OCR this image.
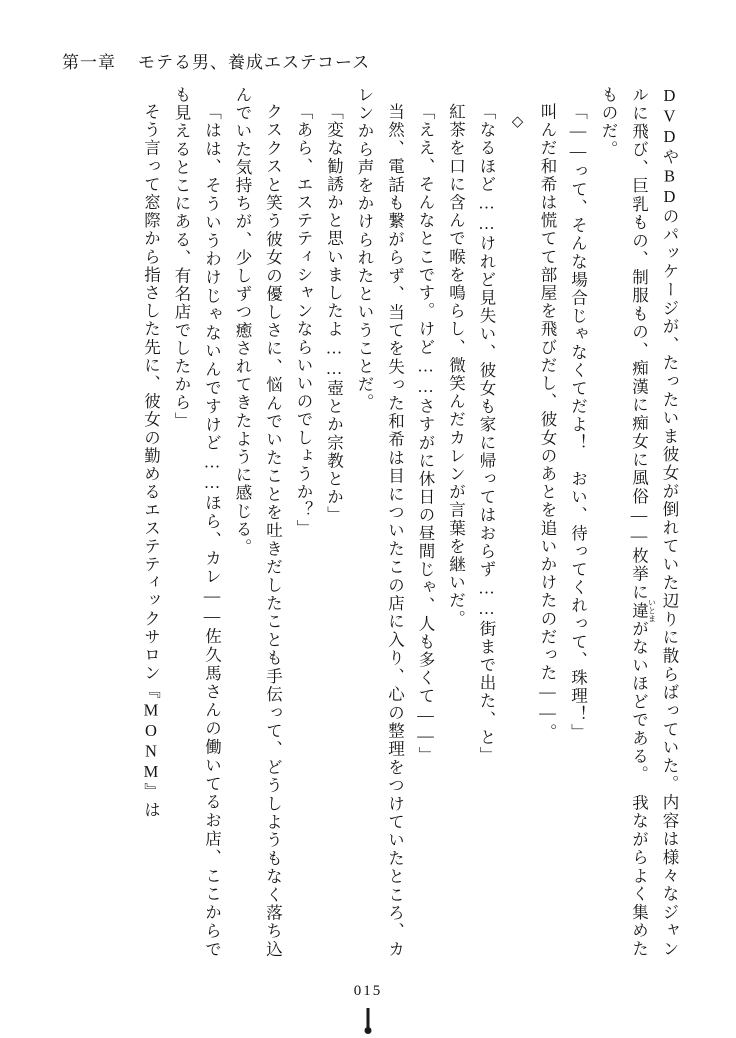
第一章 モテる男、養成エステコース

DVDやBDのパッケージが、たったいま彼女が倒れていた辺りに散らばっていた。内容は様々なジャンルに飛び、巨乳もの、制服もの、痴漢に痴女に風俗――枚挙に違 いとまがないほどである。　我ながらよく集めたものだ。

「――って、そんな場合じゃなくてだよ！　おい、待ってくれって、珠理！」

叫んだ和希は慌てて部屋を飛びだし、彼女のあとを追いかけたのだった――。

◇

「なるほど……けれど見失い、彼女も家に帰ってはおらず……街まで出た、と」

紅茶を口に含んで喉を鳴らし、微笑んだカレンが言葉を継いだ。

「ええ、そんなとこです。けど……さすがに休日の昼間じゃ、人も多くて――」

当然、電話も繋がらず、当てを失った和希は目についたこの店に入り、心の整理をつけていたところ、カレンから声をかけられたということだ。

「変な勧誘かと思いましたよ……壺とか宗教とか」

「あら、エステティシャンならいいのでしょうか？」

クスクスと笑う彼女の優しさに、悩んでいたことを吐きだしたことも手伝って、どうしようもなく落ち込んでいた気持ちが、少しずつ癒されてきたように感じる。

「はは、そういうわけじゃないんですけど……ほら、カレ――佐久馬さんの働いてるお店、ここからでも見えるとこにある、有名店でしたから」

そう言って窓際から指さした先に、彼女の勤めるエステティックサロン『MONM』は

015
